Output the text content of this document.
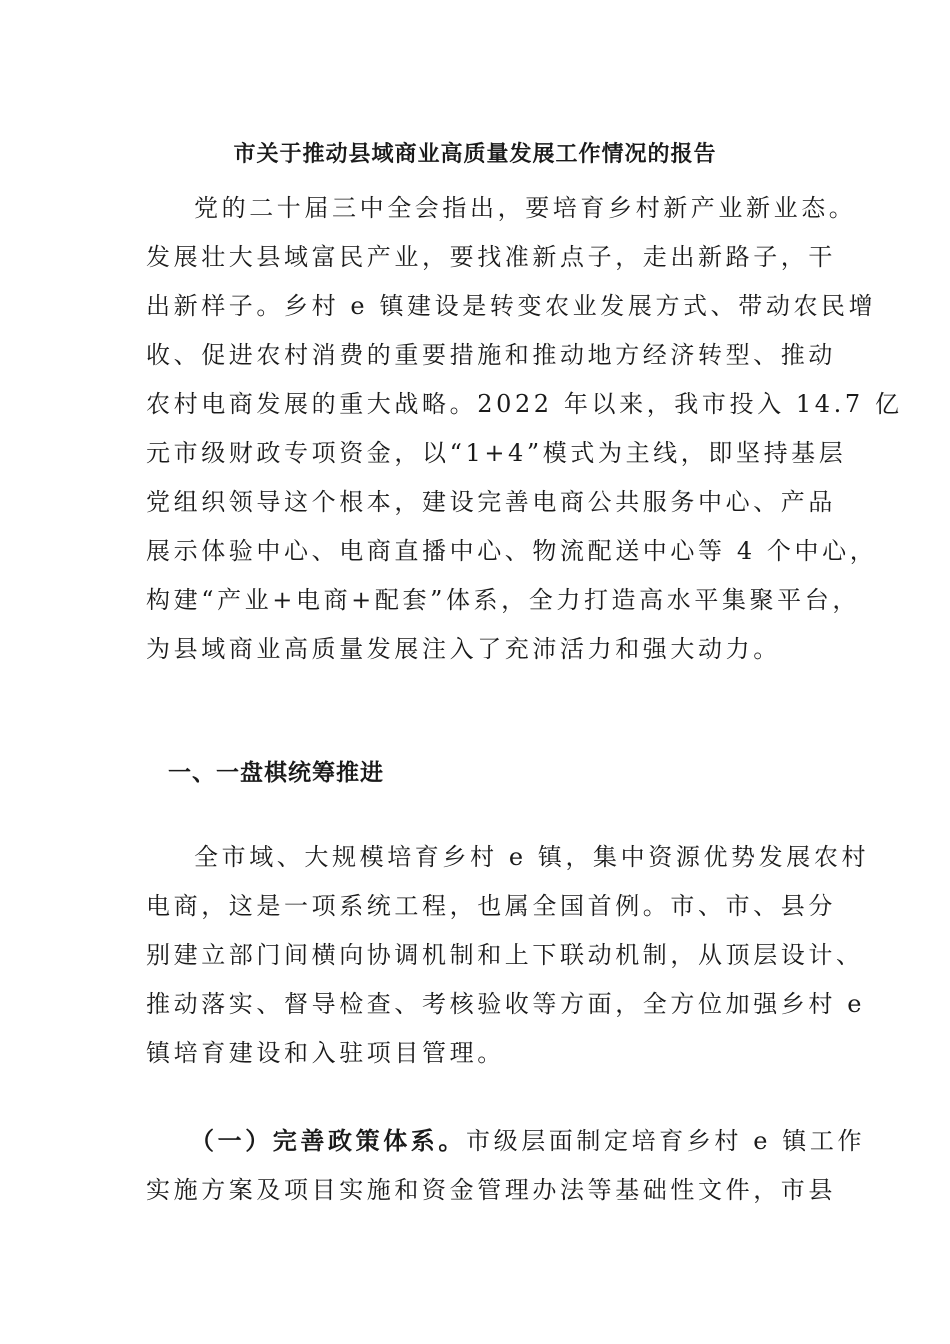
市关于推动县域商业高质量发展工作情况的报告
党的二十届三中全会指出，要培育乡村新产业新业态。
发展壮大县域富民产业，要找准新点子，走出新路子，干
出新样子。乡村 e 镇建设是转变农业发展方式、带动农民增
收、促进农村消费的重要措施和推动地方经济转型、推动
农村电商发展的重大战略。2022 年以来，我市投入 14.7 亿
元市级财政专项资金，以“1+4”模式为主线，即坚持基层
党组织领导这个根本，建设完善电商公共服务中心、产品
展示体验中心、电商直播中心、物流配送中心等 4 个中心，
构建“产业+电商+配套”体系，全力打造高水平集聚平台，
为县域商业高质量发展注入了充沛活力和强大动力。
一、一盘棋统筹推进
全市域、大规模培育乡村 e 镇，集中资源优势发展农村
电商，这是一项系统工程，也属全国首例。市、市、县分
别建立部门间横向协调机制和上下联动机制，从顶层设计、
推动落实、督导检查、考核验收等方面，全方位加强乡村 e
镇培育建设和入驻项目管理。
（一）完善政策体系。市级层面制定培育乡村 e 镇工作
实施方案及项目实施和资金管理办法等基础性文件，市县
